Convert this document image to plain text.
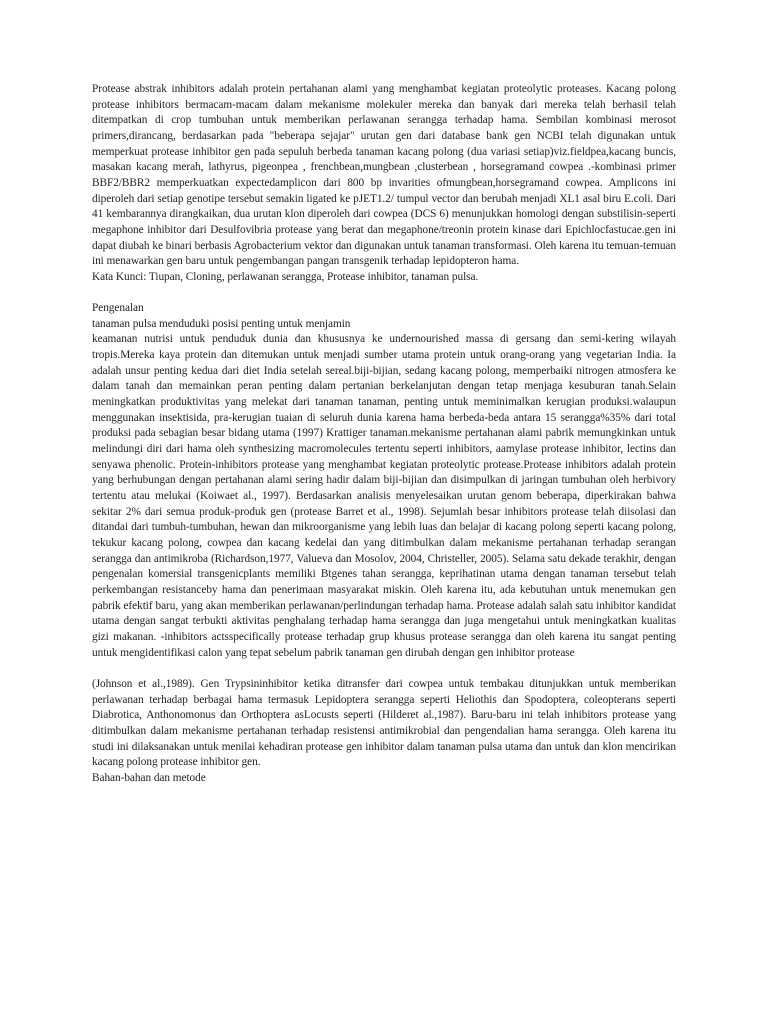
Protease abstrak inhibitors adalah protein pertahanan alami yang menghambat kegiatan proteolytic proteases. Kacang polong protease inhibitors bermacam-macam dalam mekanisme molekuler mereka dan banyak dari mereka telah berhasil telah ditempatkan di crop tumbuhan untuk memberikan perlawanan serangga terhadap hama. Sembilan kombinasi merosot primers,dirancang, berdasarkan pada "beberapa sejajar" urutan gen dari database bank gen NCBI telah digunakan untuk memperkuat protease inhibitor gen pada sepuluh berbeda tanaman kacang polong (dua variasi setiap)viz.fieldpea,kacang buncis, masakan kacang merah, lathyrus, pigeonpea , frenchbean,mungbean ,clusterbean , horsegramand cowpea .-kombinasi primer BBF2/BBR2 memperkuatkan expectedamplicon dari 800 bp invarities ofmungbean,horsegramand cowpea. Amplicons ini diperoleh dari setiap genotipe tersebut semakin ligated ke pJET1.2/ tumpul vector dan berubah menjadi XL1 asal biru E.coli. Dari 41 kembarannya dirangkaikan, dua urutan klon diperoleh dari cowpea (DCS 6) menunjukkan homologi dengan substilisin-seperti megaphone inhibitor dari Desulfovibria protease yang berat dan megaphone/treonin protein kinase dari Epichlocfastucae.gen ini dapat diubah ke binari berbasis Agrobacterium vektor dan digunakan untuk tanaman transformasi. Oleh karena itu temuan-temuan ini menawarkan gen baru untuk pengembangan pangan transgenik terhadap lepidopteron hama.

Kata Kunci: Tiupan, Cloning, perlawanan serangga, Protease inhibitor, tanaman pulsa.

Pengenalan

tanaman pulsa menduduki posisi penting untuk menjamin

keamanan nutrisi untuk penduduk dunia dan khususnya ke undernourished massa di gersang dan semi-kering wilayah tropis.Mereka kaya protein dan ditemukan untuk menjadi sumber utama protein untuk orang-orang yang vegetarian India. Ia adalah unsur penting kedua dari diet India setelah sereal.biji-bijian, sedang kacang polong, memperbaiki nitrogen atmosfera ke dalam tanah dan memainkan peran penting dalam pertanian berkelanjutan dengan tetap menjaga kesuburan tanah.Selain meningkatkan produktivitas yang melekat dari tanaman tanaman, penting untuk meminimalkan kerugian produksi.walaupun menggunakan insektisida, pra-kerugian tuaian di seluruh dunia karena hama berbeda-beda antara 15 serangga%35% dari total produksi pada sebagian besar bidang utama (1997) Krattiger tanaman.mekanisme pertahanan alami pabrik memungkinkan untuk melindungi diri dari hama oleh synthesizing macromolecules tertentu seperti inhibitors, aamylase protease inhibitor, lectins dan senyawa phenolic. Protein-inhibitors protease yang menghambat kegiatan proteolytic protease.Protease inhibitors adalah protein yang berhubungan dengan pertahanan alami sering hadir dalam biji-bijian dan disimpulkan di jaringan tumbuhan oleh herbivory tertentu atau melukai (Koiwaet al., 1997). Berdasarkan analisis menyelesaikan urutan genom beberapa, diperkirakan bahwa sekitar 2% dari semua produk-produk gen (protease Barret et al., 1998). Sejumlah besar inhibitors protease telah diisolasi dan ditandai dari tumbuh-tumbuhan, hewan dan mikroorganisme yang lebih luas dan belajar di kacang polong seperti kacang polong, tekukur kacang polong, cowpea dan kacang kedelai dan yang ditimbulkan dalam mekanisme pertahanan terhadap serangan serangga dan antimikroba (Richardson,1977, Valueva dan Mosolov, 2004, Christeller, 2005). Selama satu dekade terakhir, dengan pengenalan komersial transgenicplants memiliki Btgenes tahan serangga, keprihatinan utama dengan tanaman tersebut telah perkembangan resistanceby hama dan penerimaan masyarakat miskin. Oleh karena itu, ada kebutuhan untuk menemukan gen pabrik efektif baru, yang akan memberikan perlawanan/perlindungan terhadap hama. Protease adalah salah satu inhibitor kandidat utama dengan sangat terbukti aktivitas penghalang terhadap hama serangga dan juga mengetahui untuk meningkatkan kualitas gizi makanan. -inhibitors actsspecifically protease terhadap grup khusus protease serangga dan oleh karena itu sangat penting untuk mengidentifikasi calon yang tepat sebelum pabrik tanaman gen dirubah dengan gen inhibitor protease

(Johnson et al.,1989). Gen Trypsininhibitor ketika ditransfer dari cowpea untuk tembakau ditunjukkan untuk memberikan perlawanan terhadap berbagai hama termasuk Lepidoptera serangga seperti Heliothis dan Spodoptera, coleopterans seperti Diabrotica, Anthonomonus dan Orthoptera asLocusts seperti (Hilderet al.,1987). Baru-baru ini telah inhibitors protease yang ditimbulkan dalam mekanisme pertahanan terhadap resistensi antimikrobial dan pengendalian hama serangga. Oleh karena itu studi ini dilaksanakan untuk menilai kehadiran protease gen inhibitor dalam tanaman pulsa utama dan untuk dan klon mencirikan kacang polong protease inhibitor gen.

Bahan-bahan dan metode
